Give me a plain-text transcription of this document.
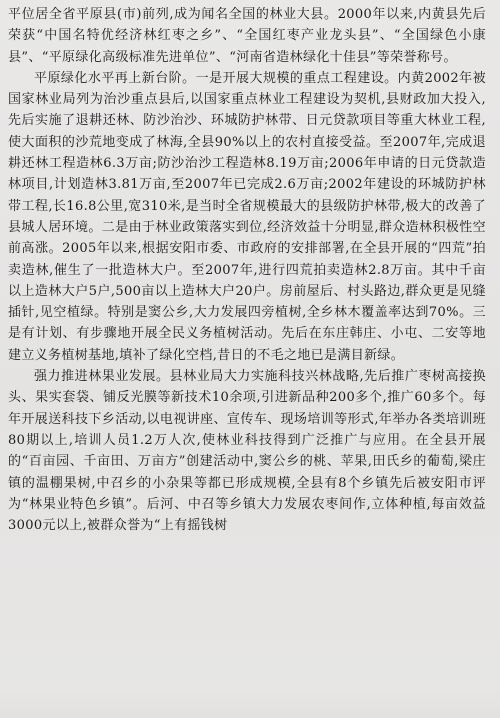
平位居全省平原县(市)前列,成为闻名全国的林业大县。2000年以来,内黄县先后荣获“中国名特优经济林红枣之乡”、“全国红枣产业龙头县”、“全国绿色小康县”、“平原绿化高级标准先进单位”、“河南省造林绿化十佳县”等荣誉称号。

平原绿化水平再上新台阶。一是开展大规模的重点工程建设。内黄2002年被国家林业局列为治沙重点县后,以国家重点林业工程建设为契机,县财政加大投入,先后实施了退耕还林、防沙治沙、环城防护林带、日元贷款项目等重大林业工程,使大面积的沙荒地变成了林海,全县90%以上的农村直接受益。至2007年,完成退耕还林工程造林6.3万亩;防沙治沙工程造林8.19万亩;2006年申请的日元贷款造林项目,计划造林3.81万亩,至2007年已完成2.6万亩;2002年建设的环城防护林带工程,长16.8公里,宽310米,是当时全省规模最大的县级防护林带,极大的改善了县城人居环境。二是由于林业政策落实到位,经济效益十分明显,群众造林积极性空前高涨。2005年以来,根据安阳市委、市政府的安排部署,在全县开展的“四荒”拍卖造林,催生了一批造林大户。至2007年,进行四荒拍卖造林2.8万亩。其中千亩以上造林大户5户,500亩以上造林大户20户。房前屋后、村头路边,群众更是见缝插针,见空植绿。特别是窦公乡,大力发展四旁植树,全乡林木覆盖率达到70%。三是有计划、有步骤地开展全民义务植树活动。先后在东庄韩庄、小屯、二安等地建立义务植树基地,填补了绿化空档,昔日的不毛之地已是满目新绿。

强力推进林果业发展。县林业局大力实施科技兴林战略,先后推广枣树高接换头、果实套袋、铺反光膜等新技术10余项,引进新品种200多个,推广60多个。每年开展送科技下乡活动,以电视讲座、宣传车、现场培训等形式,年举办各类培训班80期以上,培训人员1.2万人次,使林业科技得到广泛推广与应用。在全县开展的“百亩园、千亩田、万亩方”创建活动中,窦公乡的桃、苹果,田氏乡的葡萄,梁庄镇的温棚果树,中召乡的小杂果等都已形成规模,全县有8个乡镇先后被安阳市评为“林果业特色乡镇”。后河、中召等乡镇大力发展农枣间作,立体种植,每亩效益3000元以上,被群众誉为“上有摇钱树
